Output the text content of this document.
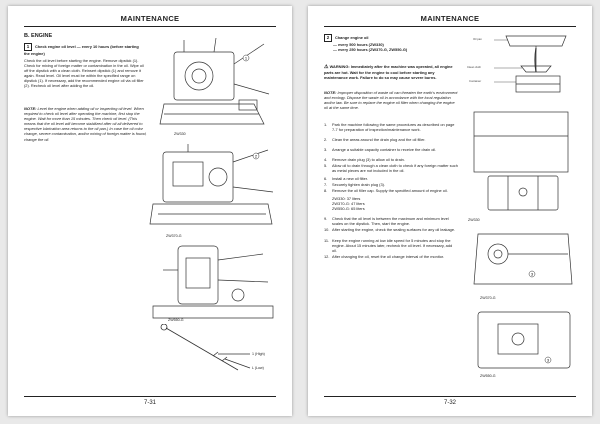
MAINTENANCE
B. ENGINE
1 Check engine oil level — every 10 hours (before starting the engine)
Check the oil level before starting the engine. Remove dipstick (1). Check for mixing of foreign matter or contamination in the oil. Wipe oil off the dipstick with a clean cloth. Reinsert dipstick (1) and remove it again. Read level. Oil level must be within the specified range on dipstick (1). If necessary, add the recommended engine oil via oil filler (2). Recheck oil level after adding the oil.
NOTE: Level the engine when adding oil or inspecting oil level. When required to check oil level after operating the machine, first stop the engine. Wait for more than 15 minutes. Then check oil level. (This means that the oil level will become stabilized after oil all delivered to respective lubrication area returns to the oil pan.) In case the oil color change, severe contamination, and/or mixing of foreign matter is found, change the oil.
1
ZW330
2
ZW370-G
ZW550-G
1 (High)
L (Low)
7-31
MAINTENANCE
2 Change engine oil
— every 500 hours (ZW330)
— every 250 hours (ZW370-G, ZW550-G)
⚠ WARNING: Immediately after the machine was operated, all engine parts are hot. Wait for the engine to cool before starting any maintenance work. Failure to do so may cause severe burns.
NOTE: Improper disposition of waste oil can threaten the earth's environment and ecology. Dispose the waste oil in accordance with the local regulation and/or law. Be sure to replace the engine oil filter when changing the engine oil at the same time.
1.	Park the machine following the same procedures as described on page 7-7 for preparation of inspection/maintenance work.
2.	Clean the areas around the drain plug and the oil filler.
3.	Arrange a suitable capacity container to receive the drain oil.
4.	Remove drain plug (3) to allow oil to drain.
5.	Allow oil to drain through a clean cloth to check if any foreign matter such as metal pieces are not included in the oil.
6.	Install a new oil filter.
7.	Securely tighten drain plug (3).
8.	Remove the oil filler cap. Supply the specified amount of engine oil.
ZW330: 37 liters
ZW370-G: 47 liters
ZW550-G: 65 liters
9.	Check that the oil level is between the maximum and minimum level scales on the dipstick. Then, start the engine.
10. After starting the engine, check the sealing surfaces for any oil leakage.
11. Keep the engine running at low idle speed for 5 minutes and stop the engine. About 15 minutes later, recheck the oil level. If necessary, add oil.
12. After changing the oil, reset the oil change interval of the monitor.
Oil pan
Clean cloth
Container
ZW330
3
ZW370-G
3
ZW550-G
7-32
